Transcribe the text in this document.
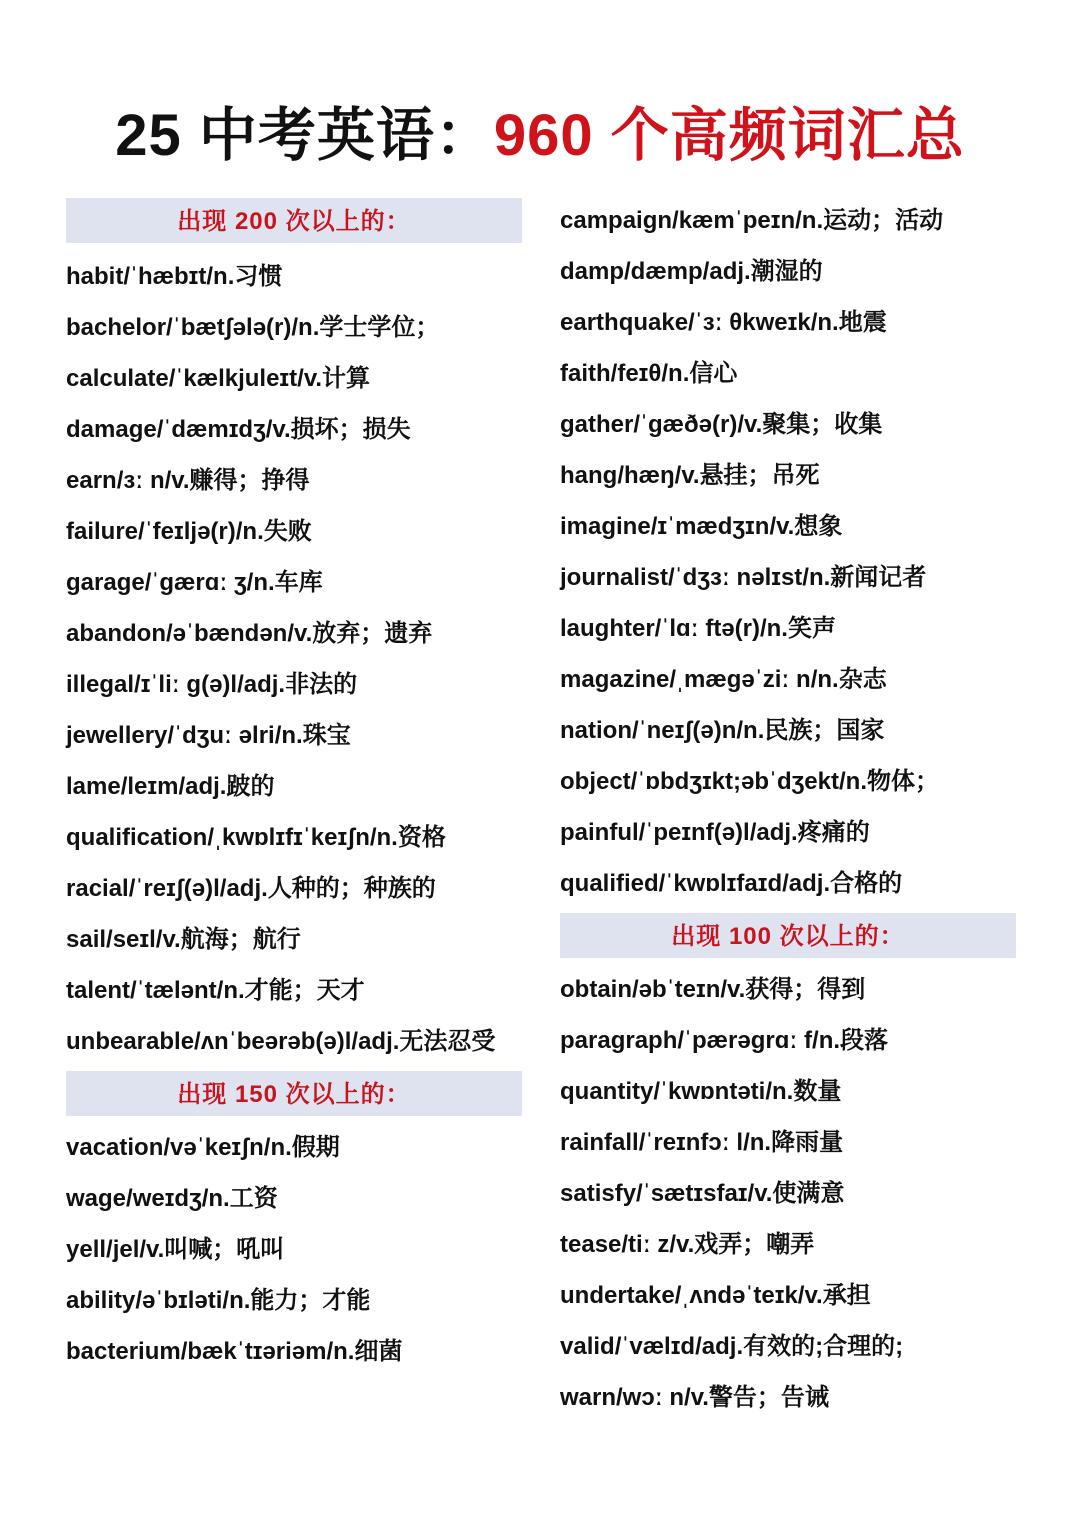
25 中考英语：960 个高频词汇总
出现 200 次以上的：
habit/ˈhæbɪt/n.习惯
bachelor/ˈbætʃələ(r)/n.学士学位；
calculate/ˈkælkjuleɪt/v.计算
damage/ˈdæmɪdʒ/v.损坏；损失
earn/ɜː n/v.赚得；挣得
failure/ˈfeɪljə(r)/n.失败
garage/ˈɡærɑː ʒ/n.车库
abandon/əˈbændən/v.放弃；遗弃
illegal/ɪˈliː ɡ(ə)l/adj.非法的
jewellery/ˈdʒuː əlri/n.珠宝
lame/leɪm/adj.跛的
qualification/ˌkwɒlɪfɪˈkeɪʃn/n.资格
racial/ˈreɪʃ(ə)l/adj.人种的；种族的
sail/seɪl/v.航海；航行
talent/ˈtælənt/n.才能；天才
unbearable/ʌnˈbeərəb(ə)l/adj.无法忍受
出现 150 次以上的：
vacation/vəˈkeɪʃn/n.假期
wage/weɪdʒ/n.工资
yell/jel/v.叫喊；吼叫
ability/əˈbɪləti/n.能力；才能
bacterium/bækˈtɪəriəm/n.细菌
campaign/kæmˈpeɪn/n.运动；活动
damp/dæmp/adj.潮湿的
earthquake/ˈɜː θkweɪk/n.地震
faith/feɪθ/n.信心
gather/ˈɡæðə(r)/v.聚集；收集
hang/hæŋ/v.悬挂；吊死
imagine/ɪˈmædʒɪn/v.想象
journalist/ˈdʒɜː nəlɪst/n.新闻记者
laughter/ˈlɑː ftə(r)/n.笑声
magazine/ˌmæɡəˈziː n/n.杂志
nation/ˈneɪʃ(ə)n/n.民族；国家
object/ˈɒbdʒɪkt;əbˈdʒekt/n.物体；
painful/ˈpeɪnf(ə)l/adj.疼痛的
qualified/ˈkwɒlɪfaɪd/adj.合格的
出现 100 次以上的：
obtain/əbˈteɪn/v.获得；得到
paragraph/ˈpærəɡrɑː f/n.段落
quantity/ˈkwɒntəti/n.数量
rainfall/ˈreɪnfɔː l/n.降雨量
satisfy/ˈsætɪsfaɪ/v.使满意
tease/tiː z/v.戏弄；嘲弄
undertake/ˌʌndəˈteɪk/v.承担
valid/ˈvælɪd/adj.有效的;合理的;
warn/wɔː n/v.警告；告诫
